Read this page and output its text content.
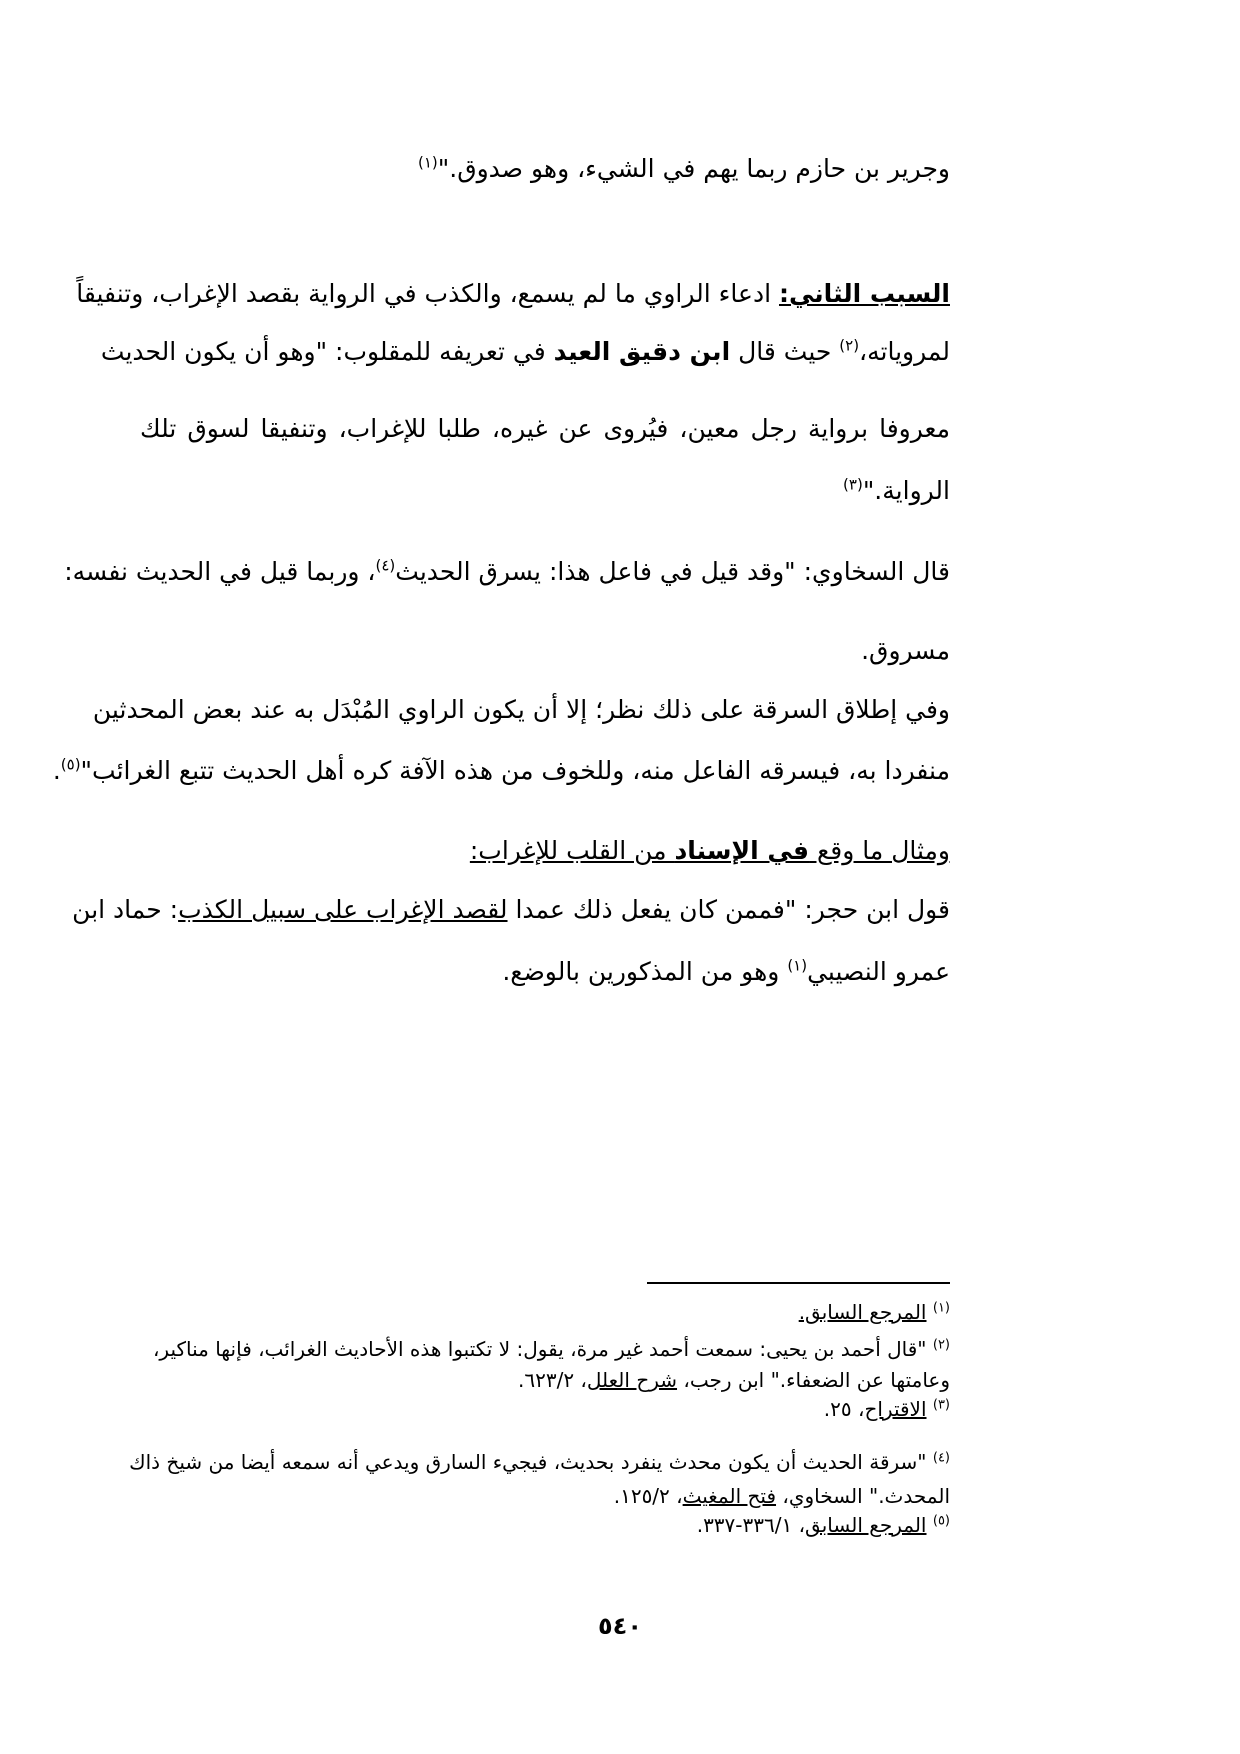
وجرير بن حازم ربما يهم في الشيء، وهو صدوق."$^{(١)}$
السبب الثاني: ادعاء الراوي ما لم يسمع، والكذب في الرواية بقصد الإغراب، وتنفيقاً
لمروياته،$^{(٢)}$ حيث قال ابن دقيق العيد في تعريفه للمقلوب: "وهو أن يكون الحديث
معروفا برواية رجل معين، فيُروى عن غيره، طلبا للإغراب، وتنفيقا لسوق تلك
الرواية."$^{(٣)}$
قال السخاوي: "وقد قيل في فاعل هذا: يسرق الحديث$^{(٤)}$، وربما قيل في الحديث نفسه:
مسروق.
وفي إطلاق السرقة على ذلك نظر؛ إلا أن يكون الراوي المُبْدَل به عند بعض المحدثين
منفردا به، فيسرقه الفاعل منه، وللخوف من هذه الآفة كره أهل الحديث تتبع الغرائب"$^{(٥)}$.
ومثال ما وقع في الإسناد من القلب للإغراب:
قول ابن حجر: "فممن كان يفعل ذلك عمدا لقصد الإغراب على سبيل الكذب: حماد ابن
عمرو النصيبي$^{(١)}$ وهو من المذكورين بالوضع.
$^{(١)}$ المرجع السابق.
$^{(٢)}$ "قال أحمد بن يحيى: سمعت أحمد غير مرة، يقول: لا تكتبوا هذه الأحاديث الغرائب، فإنها مناكير،
وعامتها عن الضعفاء." ابن رجب، شرح العلل، ٦٢٣/٢.
$^{(٣)}$ الاقتراح، ٢٥.
$^{(٤)}$ "سرقة الحديث أن يكون محدث ينفرد بحديث، فيجيء السارق ويدعي أنه سمعه أيضا من شيخ ذاك
المحدث." السخاوي، فتح المغيث، ١٢٥/٢.
$^{(٥)}$ المرجع السابق، ٣٣٦/١-٣٣٧.
٥٤٠
